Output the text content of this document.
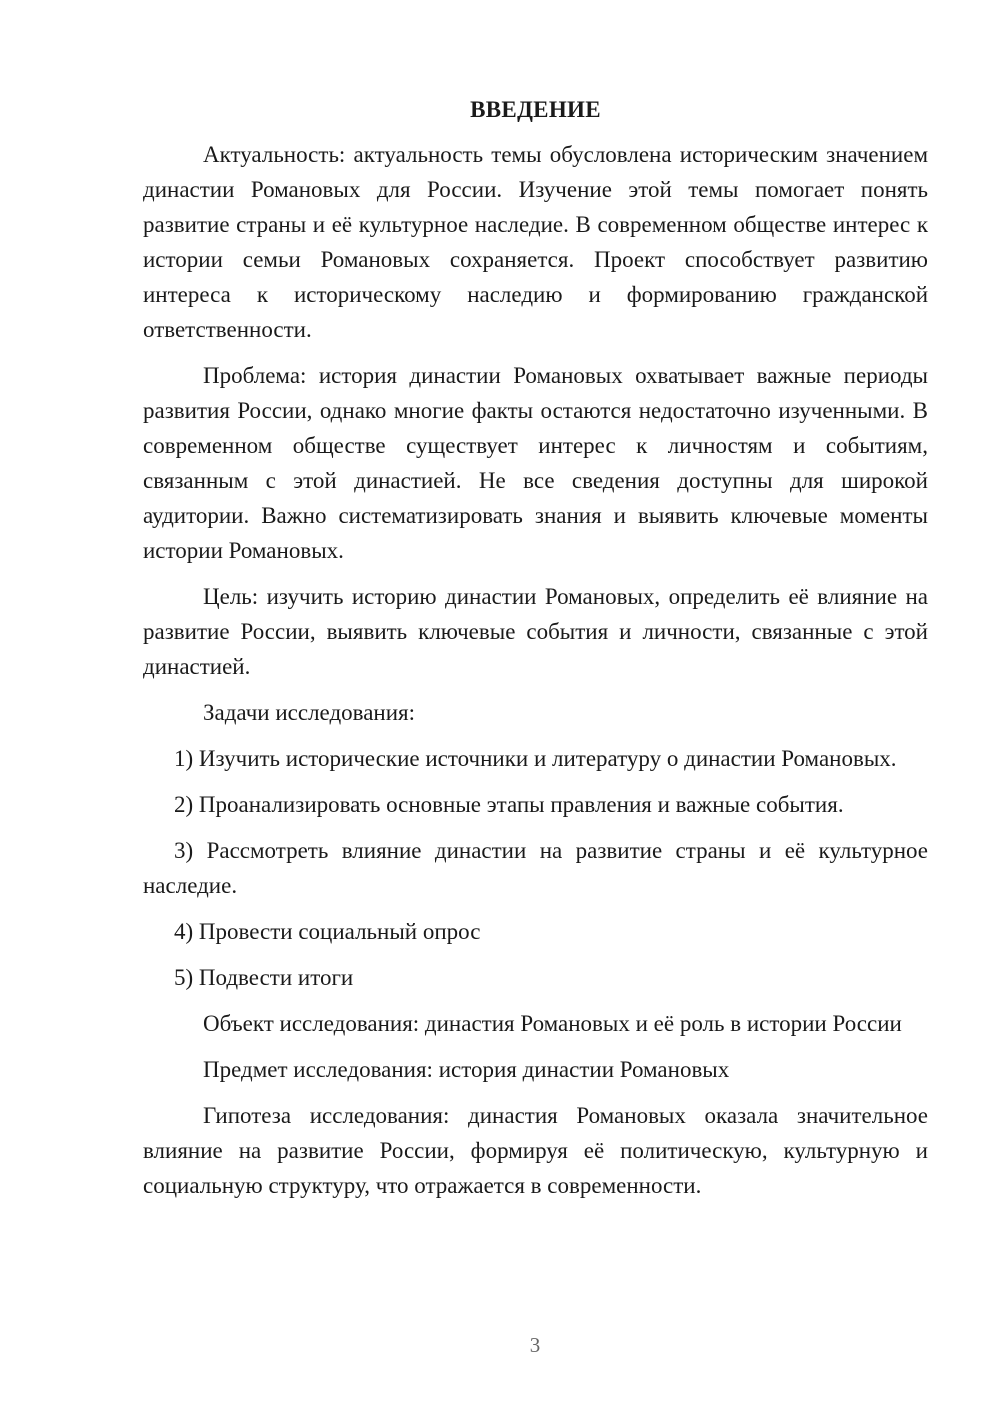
ВВЕДЕНИЕ

Актуальность: актуальность темы обусловлена историческим значением династии Романовых для России. Изучение этой темы помогает понять развитие страны и её культурное наследие. В современном обществе интерес к истории семьи Романовых сохраняется. Проект способствует развитию интереса к историческому наследию и формированию гражданской ответственности.

Проблема: история династии Романовых охватывает важные периоды развития России, однако многие факты остаются недостаточно изученными. В современном обществе существует интерес к личностям и событиям, связанным с этой династией. Не все сведения доступны для широкой аудитории. Важно систематизировать знания и выявить ключевые моменты истории Романовых.

Цель: изучить историю династии Романовых, определить её влияние на развитие России, выявить ключевые события и личности, связанные с этой династией.

Задачи исследования:

1) Изучить исторические источники и литературу о династии Романовых.

2) Проанализировать основные этапы правления и важные события.

3) Рассмотреть влияние династии на развитие страны и её культурное наследие.

4) Провести социальный опрос

5) Подвести итоги

Объект исследования: династия Романовых и её роль в истории России

Предмет исследования: история династии Романовых

Гипотеза исследования: династия Романовых оказала значительное влияние на развитие России, формируя её политическую, культурную и социальную структуру, что отражается в современности.

3
